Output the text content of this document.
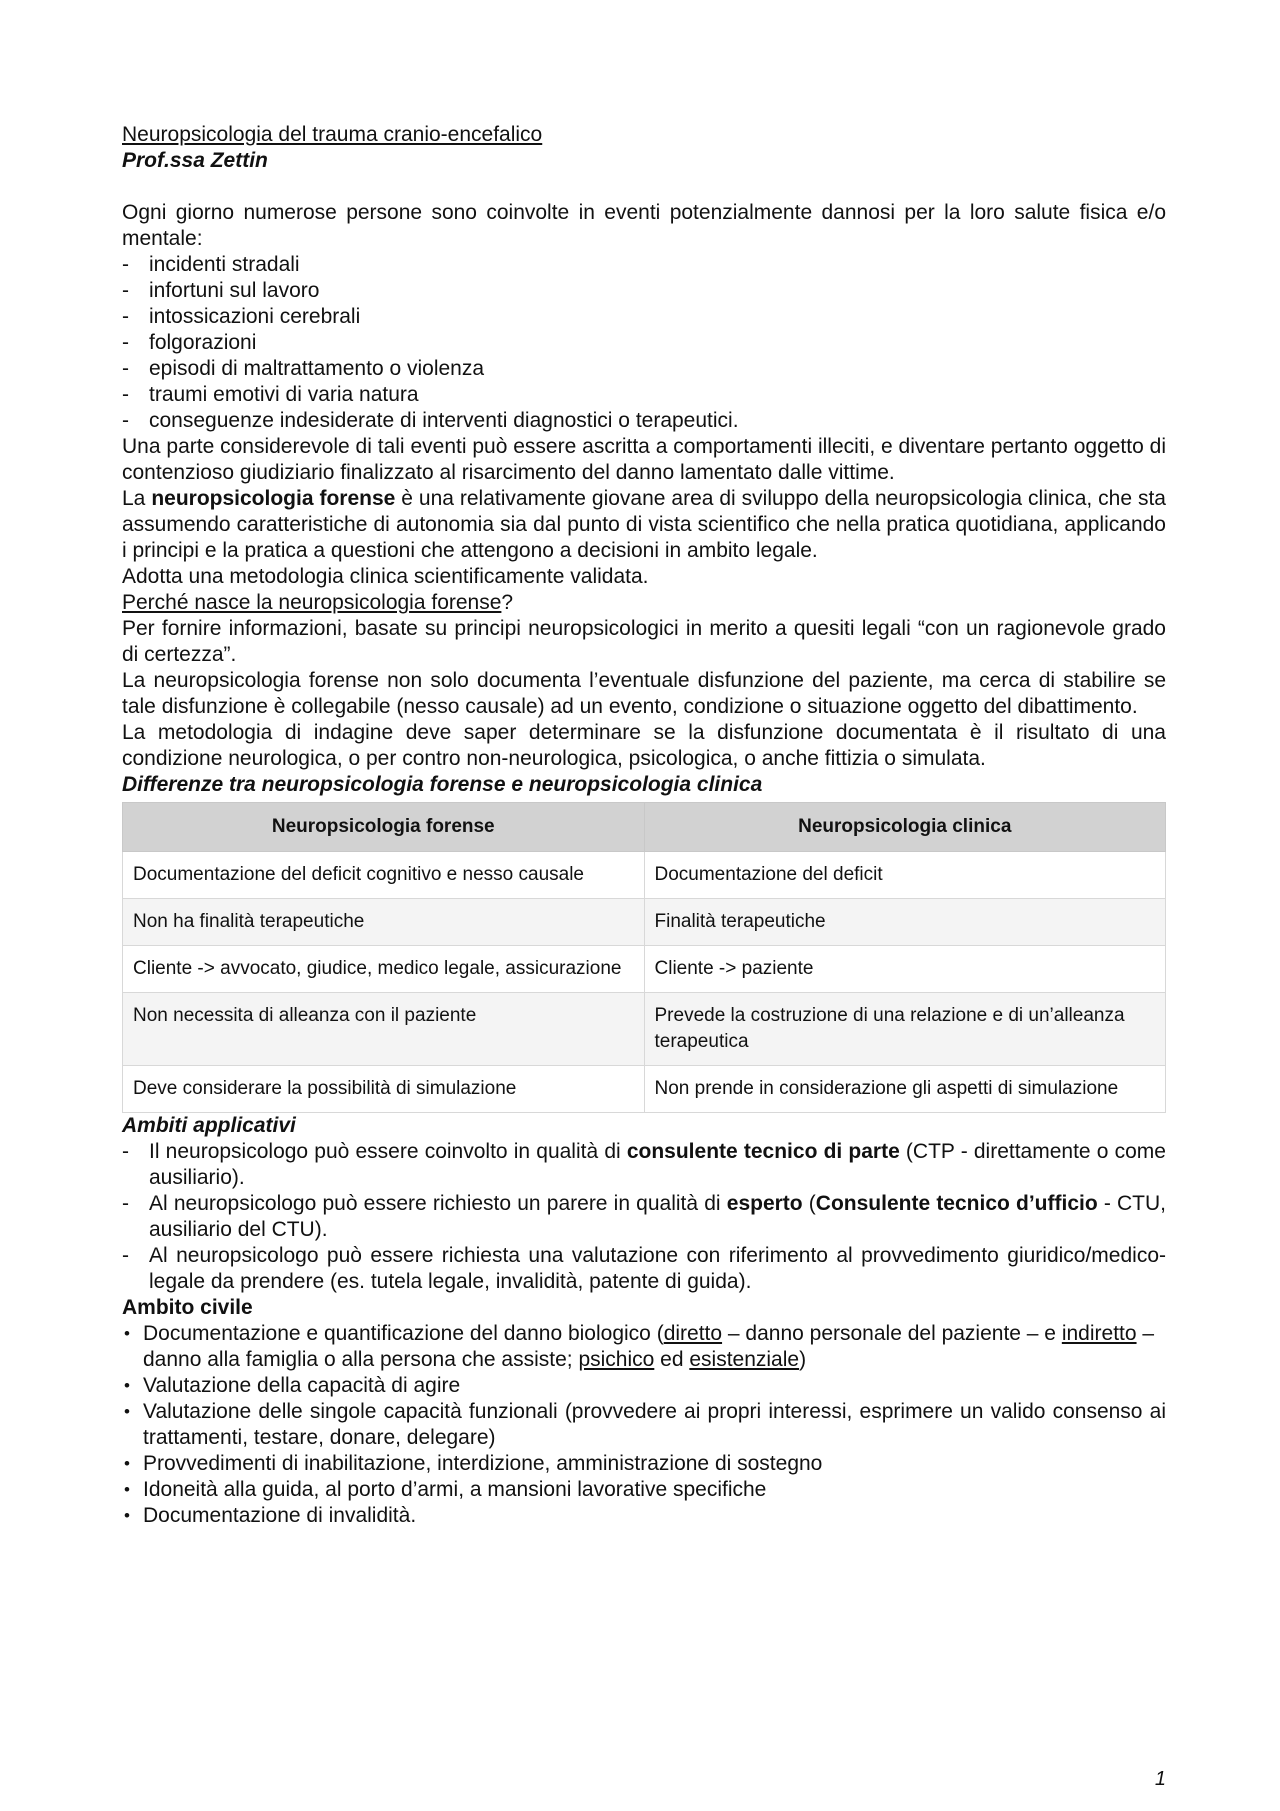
Neuropsicologia del trauma cranio-encefalico

Prof.ssa Zettin

Ogni giorno numerose persone sono coinvolte in eventi potenzialmente dannosi per la loro salute fisica e/o mentale:

- incidenti stradali
- infortuni sul lavoro
- intossicazioni cerebrali
- folgorazioni
- episodi di maltrattamento o violenza
- traumi emotivi di varia natura
- conseguenze indesiderate di interventi diagnostici o terapeutici.

Una parte considerevole di tali eventi può essere ascritta a comportamenti illeciti, e diventare pertanto oggetto di contenzioso giudiziario finalizzato al risarcimento del danno lamentato dalle vittime.

La neuropsicologia forense è una relativamente giovane area di sviluppo della neuropsicologia clinica, che sta assumendo caratteristiche di autonomia sia dal punto di vista scientifico che nella pratica quotidiana, applicando i principi e la pratica a questioni che attengono a decisioni in ambito legale.

Adotta una metodologia clinica scientificamente validata.

Perché nasce la neuropsicologia forense?

Per fornire informazioni, basate su principi neuropsicologici in merito a quesiti legali “con un ragionevole grado di certezza”.

La neuropsicologia forense non solo documenta l’eventuale disfunzione del paziente, ma cerca di stabilire se tale disfunzione è collegabile (nesso causale) ad un evento, condizione o situazione oggetto del dibattimento.

La metodologia di indagine deve saper determinare se la disfunzione documentata è il risultato di una condizione neurologica, o per contro non-neurologica, psicologica, o anche fittizia o simulata.

Differenze tra neuropsicologia forense e neuropsicologia clinica

Neuropsicologia forense	Neuropsicologia clinica
Documentazione del deficit cognitivo e nesso causale	Documentazione del deficit
Non ha finalità terapeutiche	Finalità terapeutiche
Cliente -> avvocato, giudice, medico legale, assicurazione	Cliente -> paziente
Non necessita di alleanza con il paziente	Prevede la costruzione di una relazione e di un’alleanza terapeutica
Deve considerare la possibilità di simulazione	Non prende in considerazione gli aspetti di simulazione

Ambiti applicativi

- Il neuropsicologo può essere coinvolto in qualità di consulente tecnico di parte (CTP - direttamente o come ausiliario).
- Al neuropsicologo può essere richiesto un parere in qualità di esperto (Consulente tecnico d’ufficio - CTU, ausiliario del CTU).
- Al neuropsicologo può essere richiesta una valutazione con riferimento al provvedimento giuridico/medico-legale da prendere (es. tutela legale, invalidità, patente di guida).

Ambito civile

• Documentazione e quantificazione del danno biologico (diretto – danno personale del paziente – e indiretto – danno alla famiglia o alla persona che assiste; psichico ed esistenziale)
• Valutazione della capacità di agire
• Valutazione delle singole capacità funzionali (provvedere ai propri interessi, esprimere un valido consenso ai trattamenti, testare, donare, delegare)
• Provvedimenti di inabilitazione, interdizione, amministrazione di sostegno
• Idoneità alla guida, al porto d’armi, a mansioni lavorative specifiche
• Documentazione di invalidità.
1
